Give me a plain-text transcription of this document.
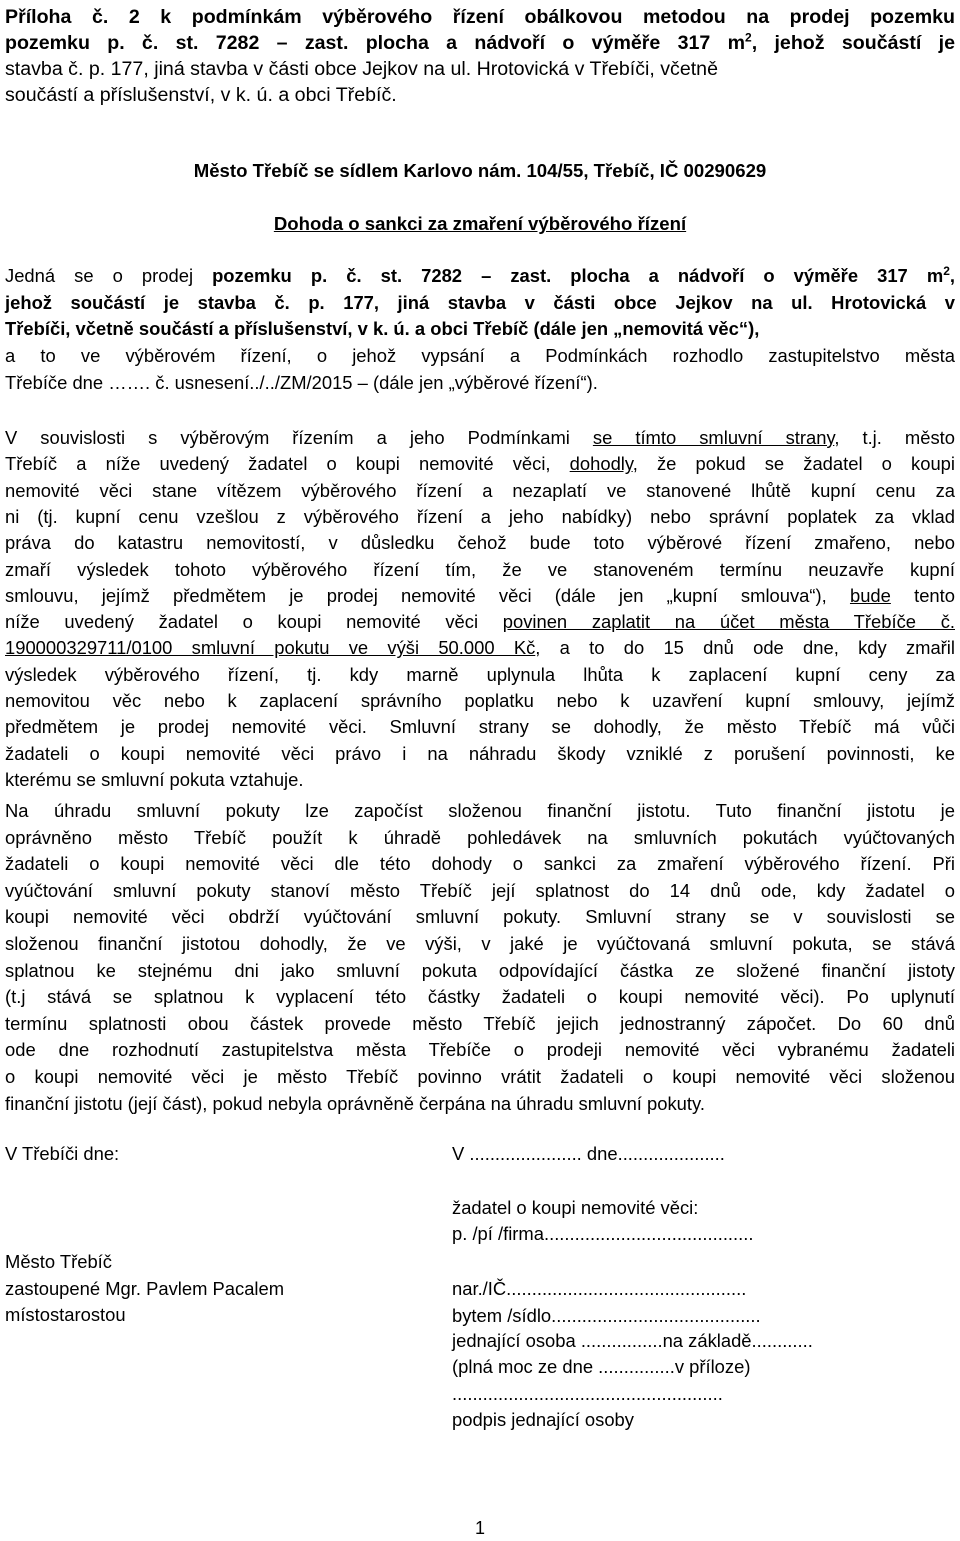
Příloha č. 2 k podmínkám výběrového řízení obálkovou metodou na prodej pozemku
pozemku p. č. st. 7282 – zast. plocha a nádvoří o výměře 317 $m^2$, jehož součástí je
stavba č. p. 177, jiná stavba v části obce Jejkov na ul. Hrotovická v Třebíči, včetně
součástí a příslušenství, v k. ú. a obci Třebíč.
Město Třebíč se sídlem Karlovo nám. 104/55, Třebíč, IČ 00290629
Dohoda o sankci za zmaření výběrového řízení
Jedná se o prodej pozemku p. č. st. 7282 – zast. plocha a nádvoří o výměře 317 $m^2$,
jehož součástí je stavba č. p. 177, jiná stavba v části obce Jejkov na ul. Hrotovická v
Třebíči, včetně součástí a příslušenství, v k. ú. a obci Třebíč (dále jen „nemovitá věc“),
a to ve výběrovém řízení, o jehož vypsání a Podmínkách rozhodlo zastupitelstvo města
Třebíče dne ……. č. usnesení../../ZM/2015 – (dále jen „výběrové řízení“).
V souvislosti s výběrovým řízením a jeho Podmínkami se tímto smluvní strany, t.j. město
Třebíč a níže uvedený žadatel o koupi nemovité věci, dohodly, že pokud se žadatel o koupi
nemovité věci stane vítězem výběrového řízení a nezaplatí ve stanovené lhůtě kupní cenu za
ni (tj. kupní cenu vzešlou z výběrového řízení a jeho nabídky) nebo správní poplatek za vklad
práva do katastru nemovitostí, v důsledku čehož bude toto výběrové řízení zmařeno, nebo
zmaří výsledek tohoto výběrového řízení tím, že ve stanoveném termínu neuzavře kupní
smlouvu, jejímž předmětem je prodej nemovité věci (dále jen „kupní smlouva“), bude tento
níže uvedený žadatel o koupi nemovité věci povinen zaplatit na účet města Třebíče č.
190000329711/0100 smluvní pokutu ve výši 50.000 Kč, a to do 15 dnů ode dne, kdy zmařil
výsledek výběrového řízení, tj. kdy marně uplynula lhůta k zaplacení kupní ceny za
nemovitou věc nebo k zaplacení správního poplatku nebo k uzavření kupní smlouvy, jejímž
předmětem je prodej nemovité věci. Smluvní strany se dohodly, že město Třebíč má vůči
žadateli o koupi nemovité věci právo i na náhradu škody vzniklé z porušení povinnosti, ke
kterému se smluvní pokuta vztahuje.
Na úhradu smluvní pokuty lze započíst složenou finanční jistotu. Tuto finanční jistotu je
oprávněno město Třebíč použít k úhradě pohledávek na smluvních pokutách vyúčtovaných
žadateli o koupi nemovité věci dle této dohody o sankci za zmaření výběrového řízení. Při
vyúčtování smluvní pokuty stanoví město Třebíč její splatnost do 14 dnů ode, kdy žadatel o
koupi nemovité věci obdrží vyúčtování smluvní pokuty. Smluvní strany se v souvislosti se
složenou finanční jistotou dohodly, že ve výši, v jaké je vyúčtovaná smluvní pokuta, se stává
splatnou ke stejnému dni jako smluvní pokuta odpovídající částka ze složené finanční jistoty
(t.j stává se splatnou k vyplacení této částky žadateli o koupi nemovité věci). Po uplynutí
termínu splatnosti obou částek provede město Třebíč jejich jednostranný zápočet. Do 60 dnů
ode dne rozhodnutí zastupitelstva města Třebíče o prodeji nemovité věci vybranému žadateli
o koupi nemovité věci je město Třebíč povinno vrátit žadateli o koupi nemovité věci složenou
finanční jistotu (její část), pokud nebyla oprávněně čerpána na úhradu smluvní pokuty.
V Třebíči dne:	V ...................... dne.....................
žadatel o koupi nemovité věci:
p. /pí /firma.........................................
nar./IČ...............................................
bytem /sídlo.........................................
jednající osoba ................na základě............
(plná moc ze dne ...............v příloze)
.....................................................
podpis jednající osoby
Město Třebíč
zastoupené Mgr. Pavlem Pacalem
místostarostou
1
